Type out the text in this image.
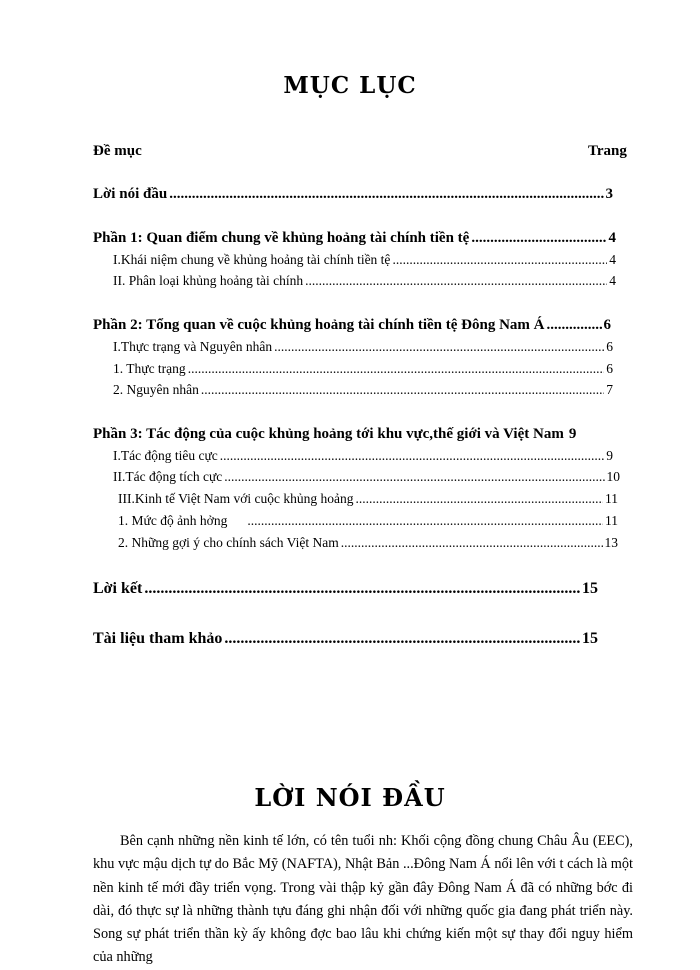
MỤC LỤC
Đề mục	Trang
Lời nói đầu .....	3
Phần 1: Quan điểm chung về khủng hoảng tài chính tiền tệ .....	4
I.Khái niệm chung về khủng hoảng tài chính tiền tệ .....	4
II. Phân loại khủng hoảng tài chính .....	4
Phần 2: Tổng quan về cuộc khủng hoảng tài chính tiền tệ Đông Nam Á .....	6
I.Thực trạng và Nguyên nhân .....	6
1. Thực trạng .....	6
2. Nguyên nhân .....	7
Phần 3: Tác động của cuộc khủng hoảng tới khu vực,thế giới và Việt Nam 9
I.Tác động tiêu cực .....	9
II.Tác động tích cực .....	10
III.Kinh tế Việt Nam với cuộc khủng hoảng .....	11
1. Mức độ ảnh hởng .....	11
2. Những gợi ý cho chính sách Việt Nam .....	13
Lời kết .....	15
Tài liệu tham khảo .....	15
LỜI NÓI ĐẦU
Bên cạnh những nền kinh tế lớn, có tên tuổi nh: Khối cộng đồng chung Châu Âu (EEC), khu vực mậu dịch tự do Bắc Mỹ (NAFTA), Nhật Bản ...Đông Nam Á nổi lên với t cách là một nền kinh tế mới đầy triển vọng. Trong vài thập kỷ gần đây Đông Nam Á đã có những bớc đi dài, đó thực sự là những thành tựu đáng ghi nhận đối với những quốc gia đang phát triển này. Song sự phát triển thần kỳ ấy không đợc bao lâu khi chứng kiến một sự thay đổi nguy hiểm của những
